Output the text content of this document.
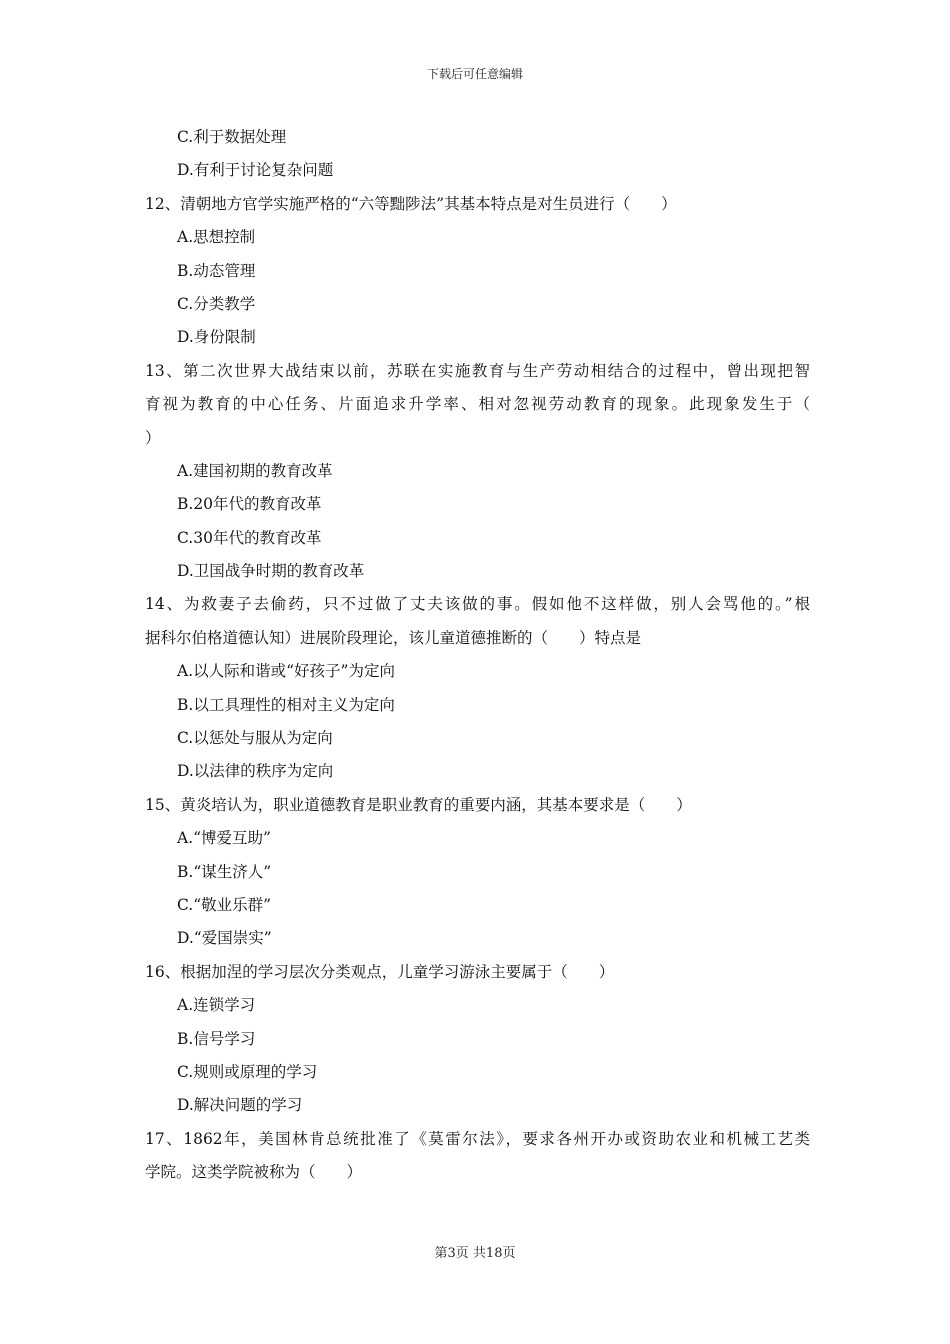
下载后可任意编辑
C.利于数据处理
D.有利于讨论复杂问题
12、清朝地方官学实施严格的“六等黜陟法”其基本特点是对生员进行（　　）
A.思想控制
B.动态管理
C.分类教学
D.身份限制
13、第二次世界大战结束以前，苏联在实施教育与生产劳动相结合的过程中，曾出现把智
育视为教育的中心任务、片面追求升学率、相对忽视劳动教育的现象。此现象发生于（
）
A.建国初期的教育改革
B.20年代的教育改革
C.30年代的教育改革
D.卫国战争时期的教育改革
14、为救妻子去偷药，只不过做了丈夫该做的事。假如他不这样做，别人会骂他的。”根
据科尔伯格道德认知）进展阶段理论，该儿童道德推断的（　　）特点是
A.以人际和谐或“好孩子”为定向
B.以工具理性的相对主义为定向
C.以惩处与服从为定向
D.以法律的秩序为定向
15、黄炎培认为，职业道德教育是职业教育的重要内涵，其基本要求是（　　）
A.“博爱互助”
B.“谋生济人”
C.“敬业乐群”
D.“爱国崇实”
16、根据加涅的学习层次分类观点，儿童学习游泳主要属于（　　）
A.连锁学习
B.信号学习
C.规则或原理的学习
D.解决问题的学习
17、1862年，美国林肯总统批准了《莫雷尔法》，要求各州开办或资助农业和机械工艺类
学院。这类学院被称为（　　）
第3页 共18页
